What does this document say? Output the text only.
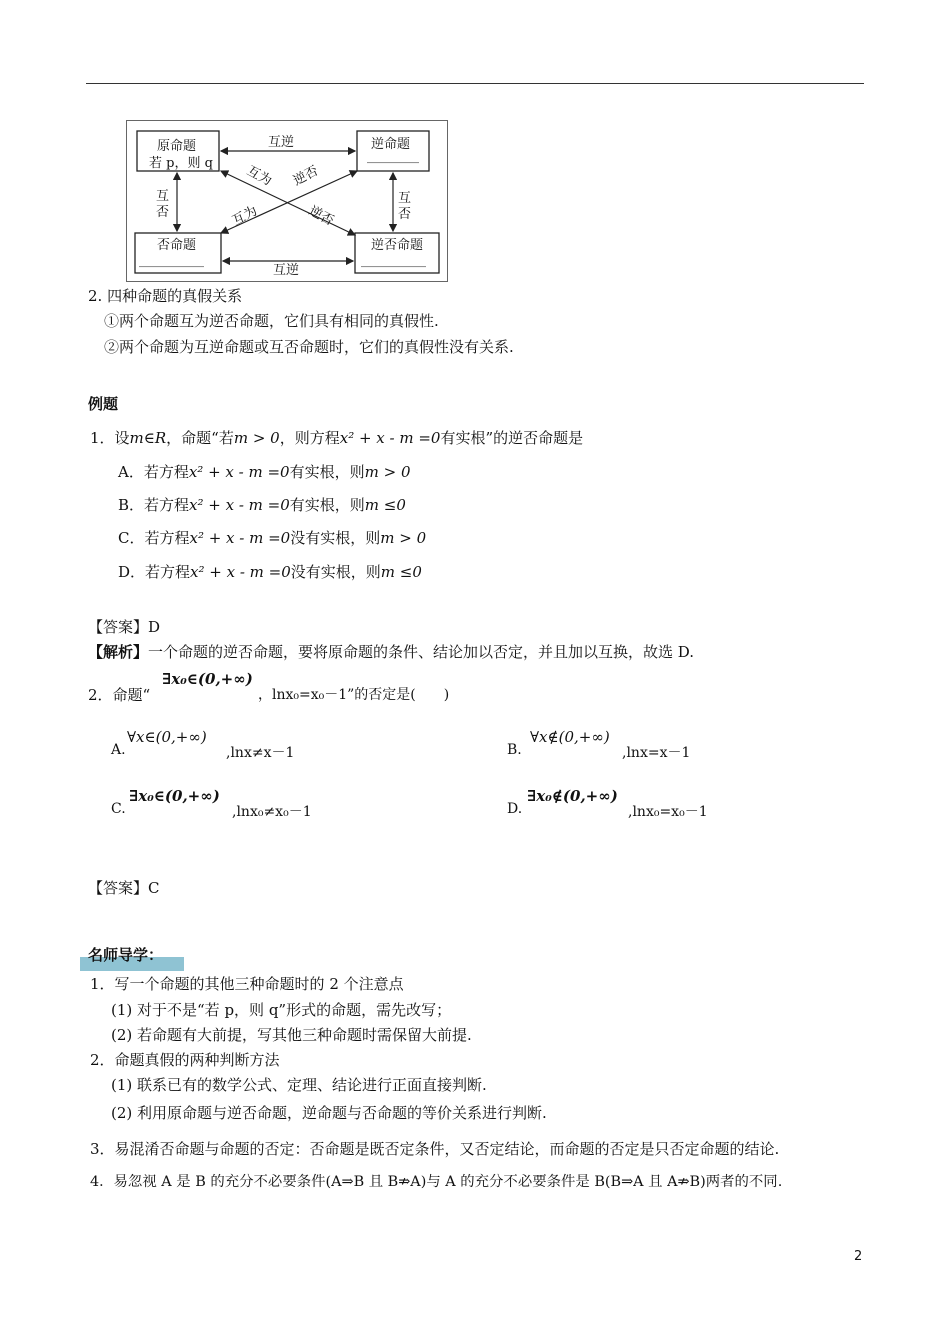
原命题
若 p，则 q
逆命题
________
否命题
__________
逆否命题
__________
互逆
互逆
互
否
互
否
互为 逆否
互为	逆否
2. 四种命题的真假关系
①两个命题互为逆否命题，它们具有相同的真假性.
②两个命题为互逆命题或互否命题时，它们的真假性没有关系.
例题
1．设m∈R，命题“若m > 0，则方程x² + x - m =0有实根”的逆否命题是
A．若方程x² + x - m =0有实根，则m > 0
B．若方程x² + x - m =0有实根，则m ≤0
C．若方程x² + x - m =0没有实根，则m > 0
D．若方程x² + x - m =0没有实根，则m ≤0
【答案】D
【解析】一个命题的逆否命题，要将原命题的条件、结论加以否定，并且加以互换，故选 D.
2．命题“
∃x₀∈(0,+∞)
，lnx₀=x₀－1”的否定是(　　)
A.
∀x∈(0,+∞)
,lnx≠x－1	B.
∀x∉(0,+∞)
,lnx=x－1
C.
∃x₀∈(0,+∞)
,lnx₀≠x₀－1	D.
∃x₀∉(0,+∞)
,lnx₀=x₀－1
【答案】C
名师导学：
1．写一个命题的其他三种命题时的 2 个注意点
(1) 对于不是“若 p，则 q”形式的命题，需先改写；
(2) 若命题有大前提，写其他三种命题时需保留大前提.
2．命题真假的两种判断方法
(1) 联系已有的数学公式、定理、结论进行正面直接判断.
(2) 利用原命题与逆否命题，逆命题与否命题的等价关系进行判断.
3．易混淆否命题与命题的否定：否命题是既否定条件，又否定结论，而命题的否定是只否定命题的结论.
4．易忽视 A 是 B 的充分不必要条件(A⇒B 且 B⇏A)与 A 的充分不必要条件是 B(B⇒A 且 A⇏B)两者的不同.
2
